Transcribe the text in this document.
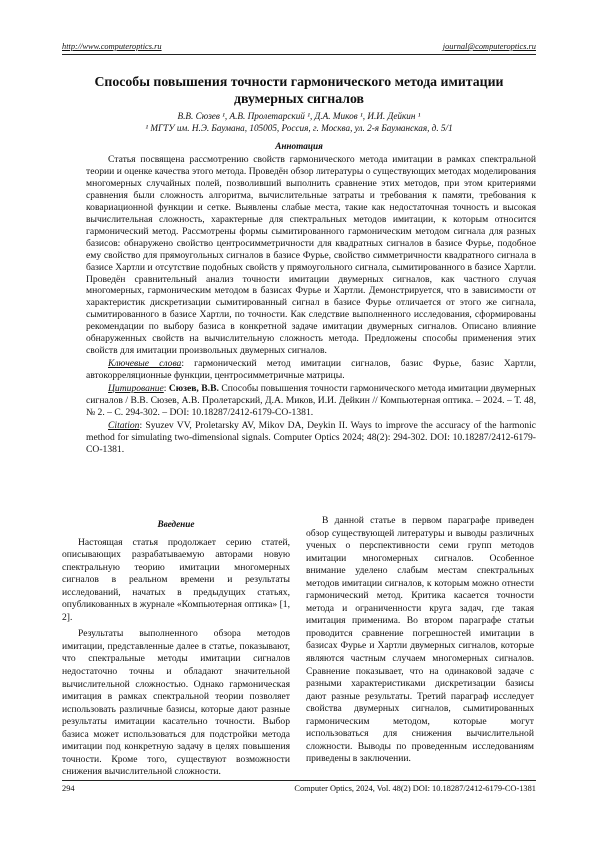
http://www.computeroptics.ru	journal@computeroptics.ru
Способы повышения точности гармонического метода имитации двумерных сигналов
В.В. Сюзев ¹, А.В. Пролетарский ¹, Д.А. Миков ¹, И.И. Дейкин ¹
¹ МГТУ им. Н.Э. Баумана, 105005, Россия, г. Москва, ул. 2-я Бауманская, д. 5/1
Аннотация

Статья посвящена рассмотрению свойств гармонического метода имитации в рамках спектральной теории и оценке качества этого метода. Проведён обзор литературы о существующих методах моделирования многомерных случайных полей, позволивший выполнить сравнение этих методов, при этом критериями сравнения были сложность алгоритма, вычислительные затраты и требования к памяти, требования к ковариационной функции и сетке. Выявлены слабые места, такие как недостаточная точность и высокая вычислительная сложность, характерные для спектральных методов имитации, к которым относится гармонический метод. Рассмотрены формы сымитированного гармоническим методом сигнала для разных базисов: обнаружено свойство центросимметричности для квадратных сигналов в базисе Фурье, подобное ему свойство для прямоугольных сигналов в базисе Фурье, свойство симметричности квадратного сигнала в базисе Хартли и отсутствие подобных свойств у прямоугольного сигнала, сымитированного в базисе Хартли. Проведён сравнительный анализ точности имитации двумерных сигналов, как частного случая многомерных, гармоническим методом в базисах Фурье и Хартли. Демонстрируется, что в зависимости от характеристик дискретизации сымитированный сигнал в базисе Фурье отличается от этого же сигнала, сымитированного в базисе Хартли, по точности. Как следствие выполненного исследования, сформированы рекомендации по выбору базиса в конкретной задаче имитации двумерных сигналов. Описано влияние обнаруженных свойств на вычислительную сложность метода. Предложены способы применения этих свойств для имитации произвольных двумерных сигналов.

Ключевые слова: гармонический метод имитации сигналов, базис Фурье, базис Хартли, автокорреляционные функции, центросимметричные матрицы.

Цитирование: Сюзев, В.В. Способы повышения точности гармонического метода имитации двумерных сигналов / В.В. Сюзев, А.В. Пролетарский, Д.А. Миков, И.И. Дейкин // Компьютерная оптика. – 2024. – Т. 48, № 2. – С. 294-302. – DOI: 10.18287/2412-6179-CO-1381.

Citation: Syuzev VV, Proletarsky AV, Mikov DA, Deykin II. Ways to improve the accuracy of the harmonic method for simulating two-dimensional signals. Computer Optics 2024; 48(2): 294-302. DOI: 10.18287/2412-6179-CO-1381.

Введение

Настоящая статья продолжает серию статей, описывающих разрабатываемую авторами новую спектральную теорию имитации многомерных сигналов в реальном времени и результаты исследований, начатых в предыдущих статьях, опубликованных в журнале «Компьютерная оптика» [1, 2].

Результаты выполненного обзора методов имитации, представленные далее в статье, показывают, что спектральные методы имитации сигналов недостаточно точны и обладают значительной вычислительной сложностью. Однако гармоническая имитация в рамках спектральной теории позволяет использовать различные базисы, которые дают разные результаты имитации касательно точности. Выбор базиса может использоваться для подстройки метода имитации под конкретную задачу в целях повышения точности. Кроме того, существуют возможности снижения вычислительной сложности.

В данной статье в первом параграфе приведен обзор существующей литературы и выводы различных ученых о перспективности семи групп методов имитации многомерных сигналов. Особенное внимание уделено слабым местам спектральных методов имитации сигналов, к которым можно отнести гармонический метод. Критика касается точности метода и ограниченности круга задач, где такая имитация применима. Во втором параграфе статьи проводится сравнение погрешностей имитации в базисах Фурье и Хартли двумерных сигналов, которые являются частным случаем многомерных сигналов. Сравнение показывает, что на одинаковой задаче с разными характеристиками дискретизации базисы дают разные результаты. Третий параграф исследует свойства двумерных сигналов, сымитированных гармоническим методом, которые могут использоваться для снижения вычислительной сложности. Выводы по проведенным исследованиям приведены в заключении.

294	Computer Optics, 2024, Vol. 48(2) DOI: 10.18287/2412-6179-CO-1381
